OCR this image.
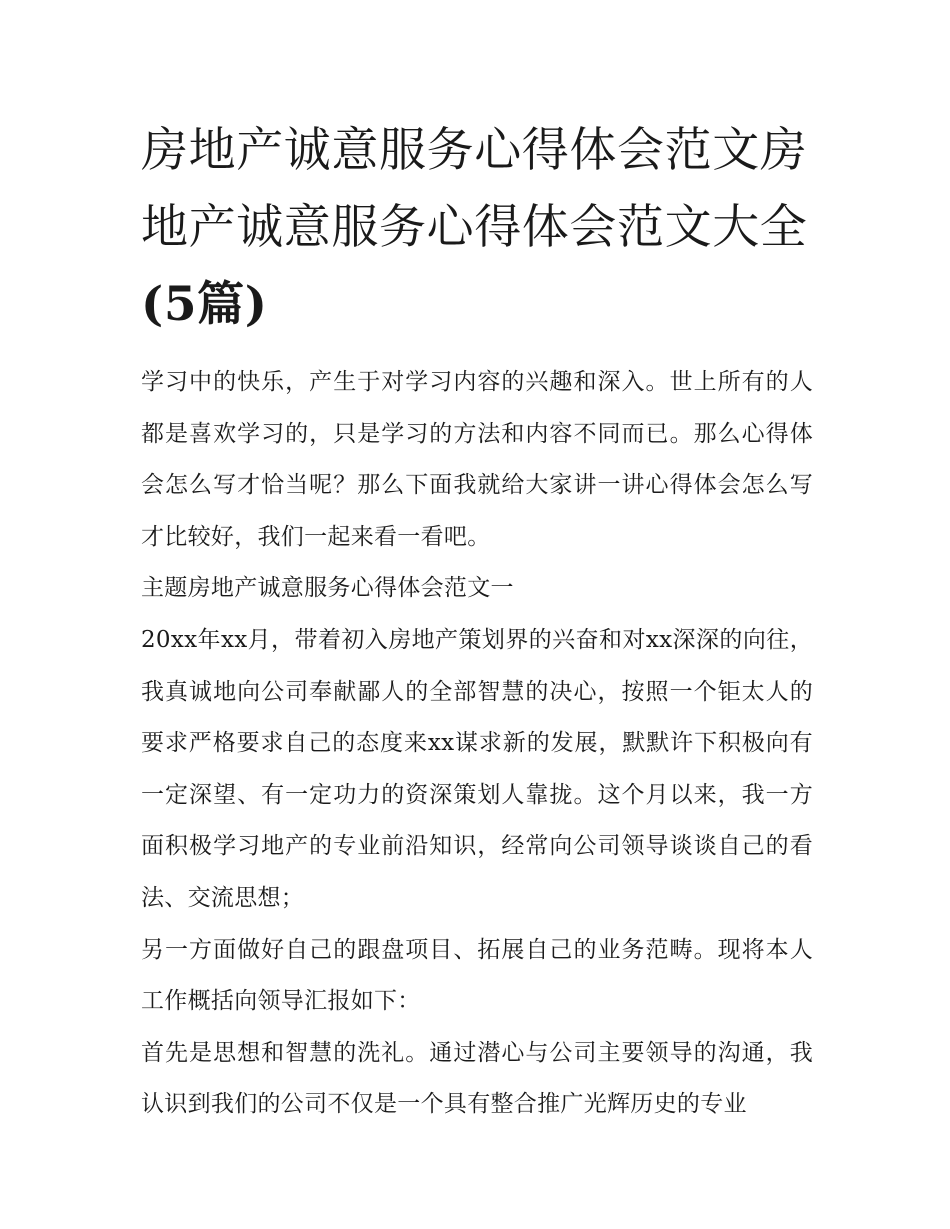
房地产诚意服务心得体会范文房地产诚意服务心得体会范文大全(5篇)

学习中的快乐，产生于对学习内容的兴趣和深入。世上所有的人都是喜欢学习的，只是学习的方法和内容不同而已。那么心得体会怎么写才恰当呢？那么下面我就给大家讲一讲心得体会怎么写才比较好，我们一起来看一看吧。

主题房地产诚意服务心得体会范文一

20xx年xx月，带着初入房地产策划界的兴奋和对xx深深的向往，我真诚地向公司奉献鄙人的全部智慧的决心，按照一个钜太人的要求严格要求自己的态度来xx谋求新的发展，默默许下积极向有一定深望、有一定功力的资深策划人靠拢。这个月以来，我一方面积极学习地产的专业前沿知识，经常向公司领导谈谈自己的看法、交流思想；

另一方面做好自己的跟盘项目、拓展自己的业务范畴。现将本人工作概括向领导汇报如下：

首先是思想和智慧的洗礼。通过潜心与公司主要领导的沟通，我认识到我们的公司不仅是一个具有整合推广光辉历史的专业
